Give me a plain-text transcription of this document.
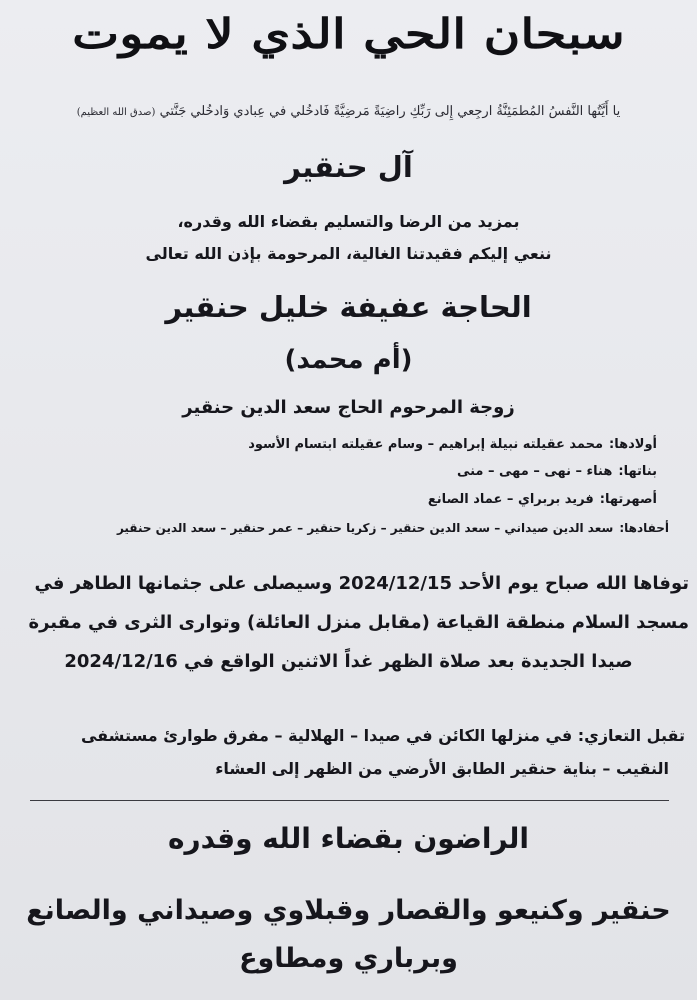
سبحان الحي الذي لا يموت
يا أَيَّتُها النَّفسُ المُطمَئِنَّةُ ارجِعي إِلى رَبِّكِ راضِيَةً مَرضِيَّةً فَادخُلي في عِبادي وَادخُلي جَنَّتي (صدق الله العظيم)
آل حنقير
بمزيد من الرضا والتسليم بقضاء الله وقدره،
ننعي إليكم فقيدتنا الغالية، المرحومة بإذن الله تعالى
الحاجة عفيفة خليل حنقير
(أم محمد)
زوجة المرحوم الحاج سعد الدين حنقير
أولادها:محمد عقيلته نبيلة إبراهيم – وسام عقيلته ابتسام الأسود
بناتها:هناء – نهى – مهى – منى
أصهرتها:فريد بربراي – عماد الصانع
أحفادها:سعد الدين صيداني – سعد الدين حنقير – زكريا حنقير – عمر حنقير – سعد الدين حنقير
توفاها الله صباح يوم الأحد 2024/12/15 وسيصلى على جثمانها الطاهر في
مسجد السلام منطقة القياعة (مقابل منزل العائلة) وتوارى الثرى في مقبرة
صيدا الجديدة بعد صلاة الظهر غداً الاثنين الواقع في 2024/12/16
تقبل التعازي: في منزلها الكائن في صيدا – الهلالية – مفرق طوارئ مستشفى
النقيب – بناية حنقير الطابق الأرضي من الظهر إلى العشاء
الراضون بقضاء الله وقدره
حنقير وكنيعو والقصار وقبلاوي وصيداني والصانع
وبرباري ومطاوع
